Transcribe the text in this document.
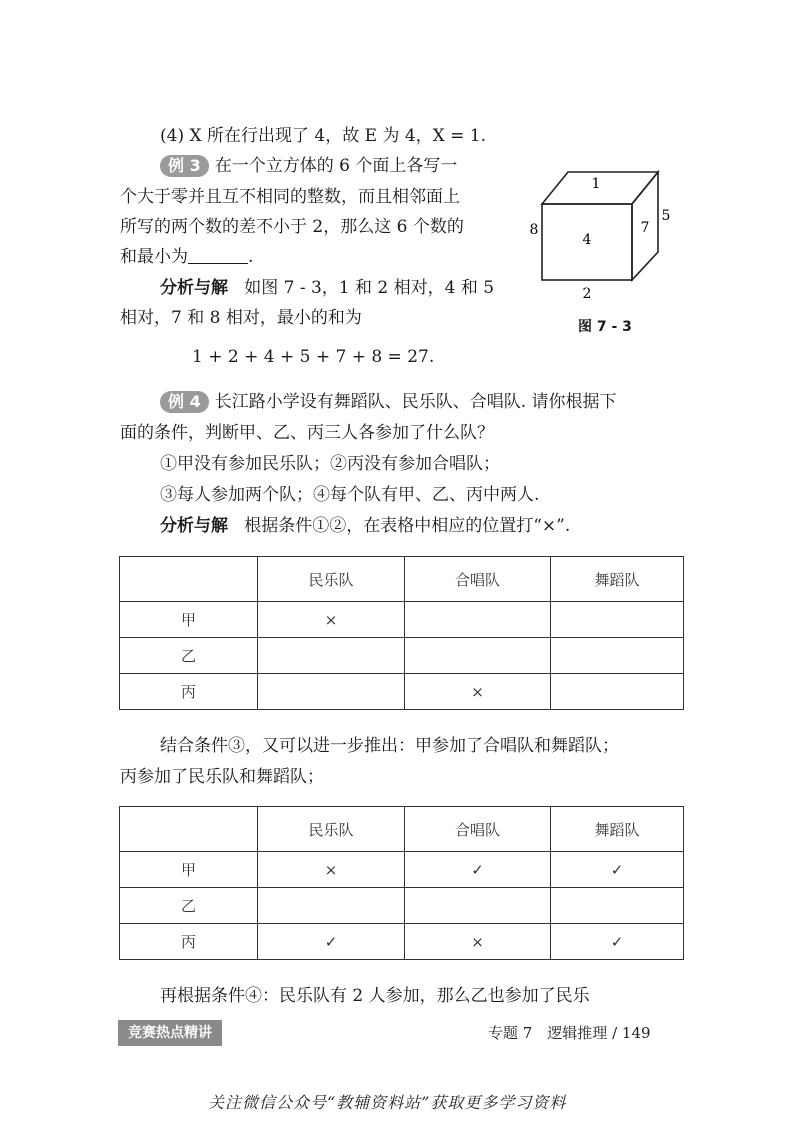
(4) X 所在行出现了 4，故 E 为 4，X = 1.
例 3 在一个立方体的 6 个面上各写一
个大于零并且互不相同的整数，而且相邻面上
所写的两个数的差不小于 2，那么这 6 个数的
和最小为	.
分析与解 如图 7 - 3，1 和 2 相对，4 和 5
相对，7 和 8 相对，最小的和为
1 + 2 + 4 + 5 + 7 + 8 = 27.
1
4
7
8
5
2
图 7 - 3
例 4 长江路小学设有舞蹈队、民乐队、合唱队. 请你根据下
面的条件，判断甲、乙、丙三人各参加了什么队？
①甲没有参加民乐队；②丙没有参加合唱队；
③每人参加两个队；④每个队有甲、乙、丙中两人.
分析与解 根据条件①②，在表格中相应的位置打“×”.
	民乐队	合唱队	舞蹈队
甲	×		
乙			
丙		×	
结合条件③，又可以进一步推出：甲参加了合唱队和舞蹈队；
丙参加了民乐队和舞蹈队；
	民乐队	合唱队	舞蹈队
甲	×	✓	✓
乙			
丙	✓	×	✓
再根据条件④：民乐队有 2 人参加，那么乙也参加了民乐
竞赛热点精讲	专题 7　逻辑推理 / 149
关注微信公众号“教辅资料站”获取更多学习资料
